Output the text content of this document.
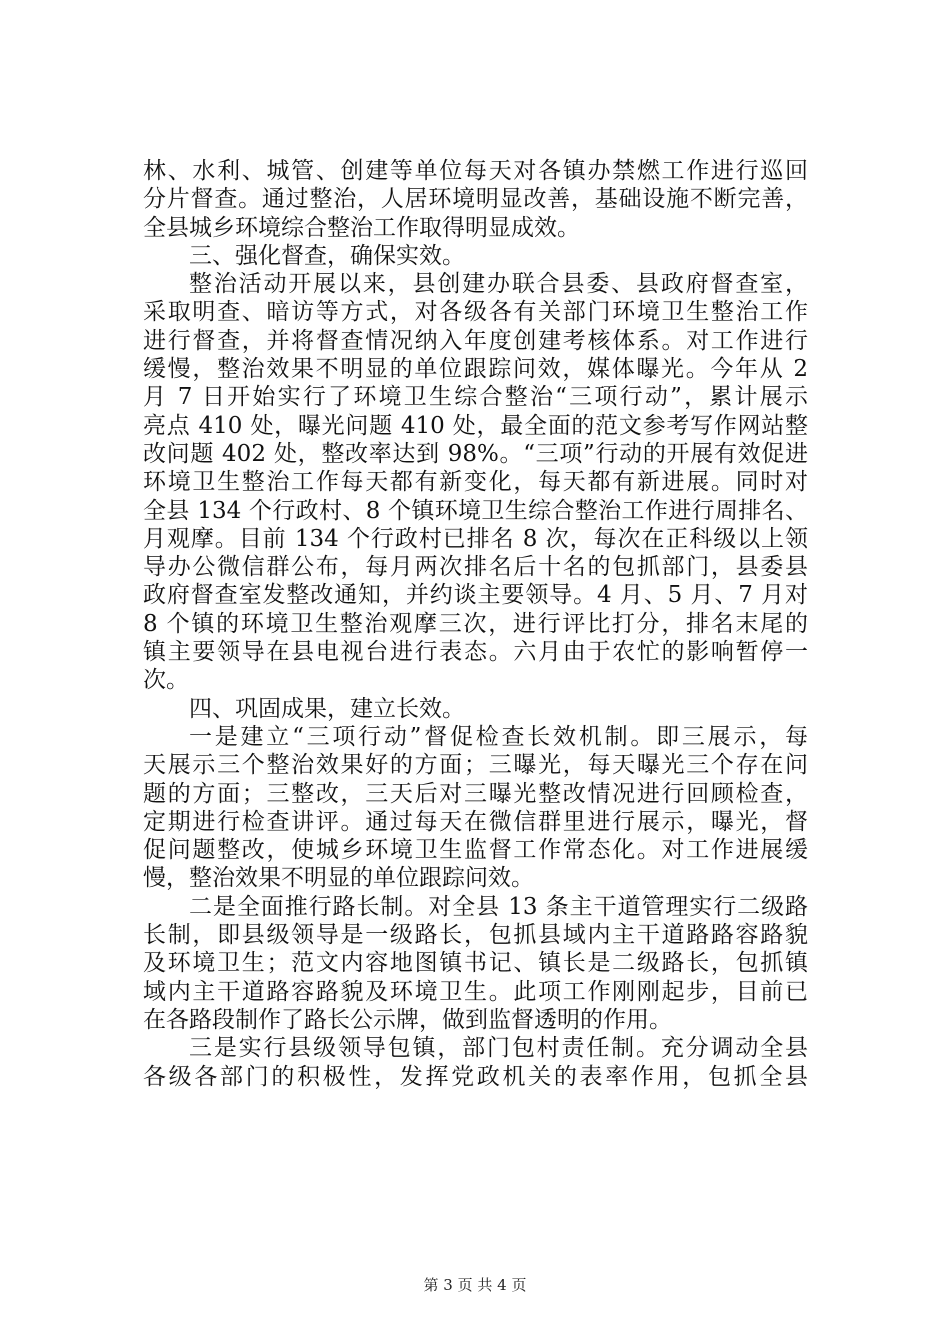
林、水利、城管、创建等单位每天对各镇办禁燃工作进行巡回
分片督查。通过整治，人居环境明显改善，基础设施不断完善，
全县城乡环境综合整治工作取得明显成效。
三、强化督查，确保实效。
整治活动开展以来，县创建办联合县委、县政府督查室，
采取明查、暗访等方式，对各级各有关部门环境卫生整治工作
进行督查，并将督查情况纳入年度创建考核体系。对工作进行
缓慢，整治效果不明显的单位跟踪问效，媒体曝光。今年从 2
月 7 日开始实行了环境卫生综合整治“三项行动”，累计展示
亮点 410 处，曝光问题 410 处，最全面的范文参考写作网站整
改问题 402 处，整改率达到 98%。“三项”行动的开展有效促进
环境卫生整治工作每天都有新变化，每天都有新进展。同时对
全县 134 个行政村、8 个镇环境卫生综合整治工作进行周排名、
月观摩。目前 134 个行政村已排名 8 次，每次在正科级以上领
导办公微信群公布，每月两次排名后十名的包抓部门，县委县
政府督查室发整改通知，并约谈主要领导。4 月、5 月、7 月对
8 个镇的环境卫生整治观摩三次，进行评比打分，排名末尾的
镇主要领导在县电视台进行表态。六月由于农忙的影响暂停一
次。
四、巩固成果，建立长效。
一是建立“三项行动”督促检查长效机制。即三展示，每
天展示三个整治效果好的方面；三曝光，每天曝光三个存在问
题的方面；三整改，三天后对三曝光整改情况进行回顾检查，
定期进行检查讲评。通过每天在微信群里进行展示，曝光，督
促问题整改，使城乡环境卫生监督工作常态化。对工作进展缓
慢，整治效果不明显的单位跟踪问效。
二是全面推行路长制。对全县 13 条主干道管理实行二级路
长制，即县级领导是一级路长，包抓县域内主干道路路容路貌
及环境卫生；范文内容地图镇书记、镇长是二级路长，包抓镇
域内主干道路容路貌及环境卫生。此项工作刚刚起步，目前已
在各路段制作了路长公示牌，做到监督透明的作用。
三是实行县级领导包镇，部门包村责任制。充分调动全县
各级各部门的积极性，发挥党政机关的表率作用，包抓全县
第 3 页 共 4 页
